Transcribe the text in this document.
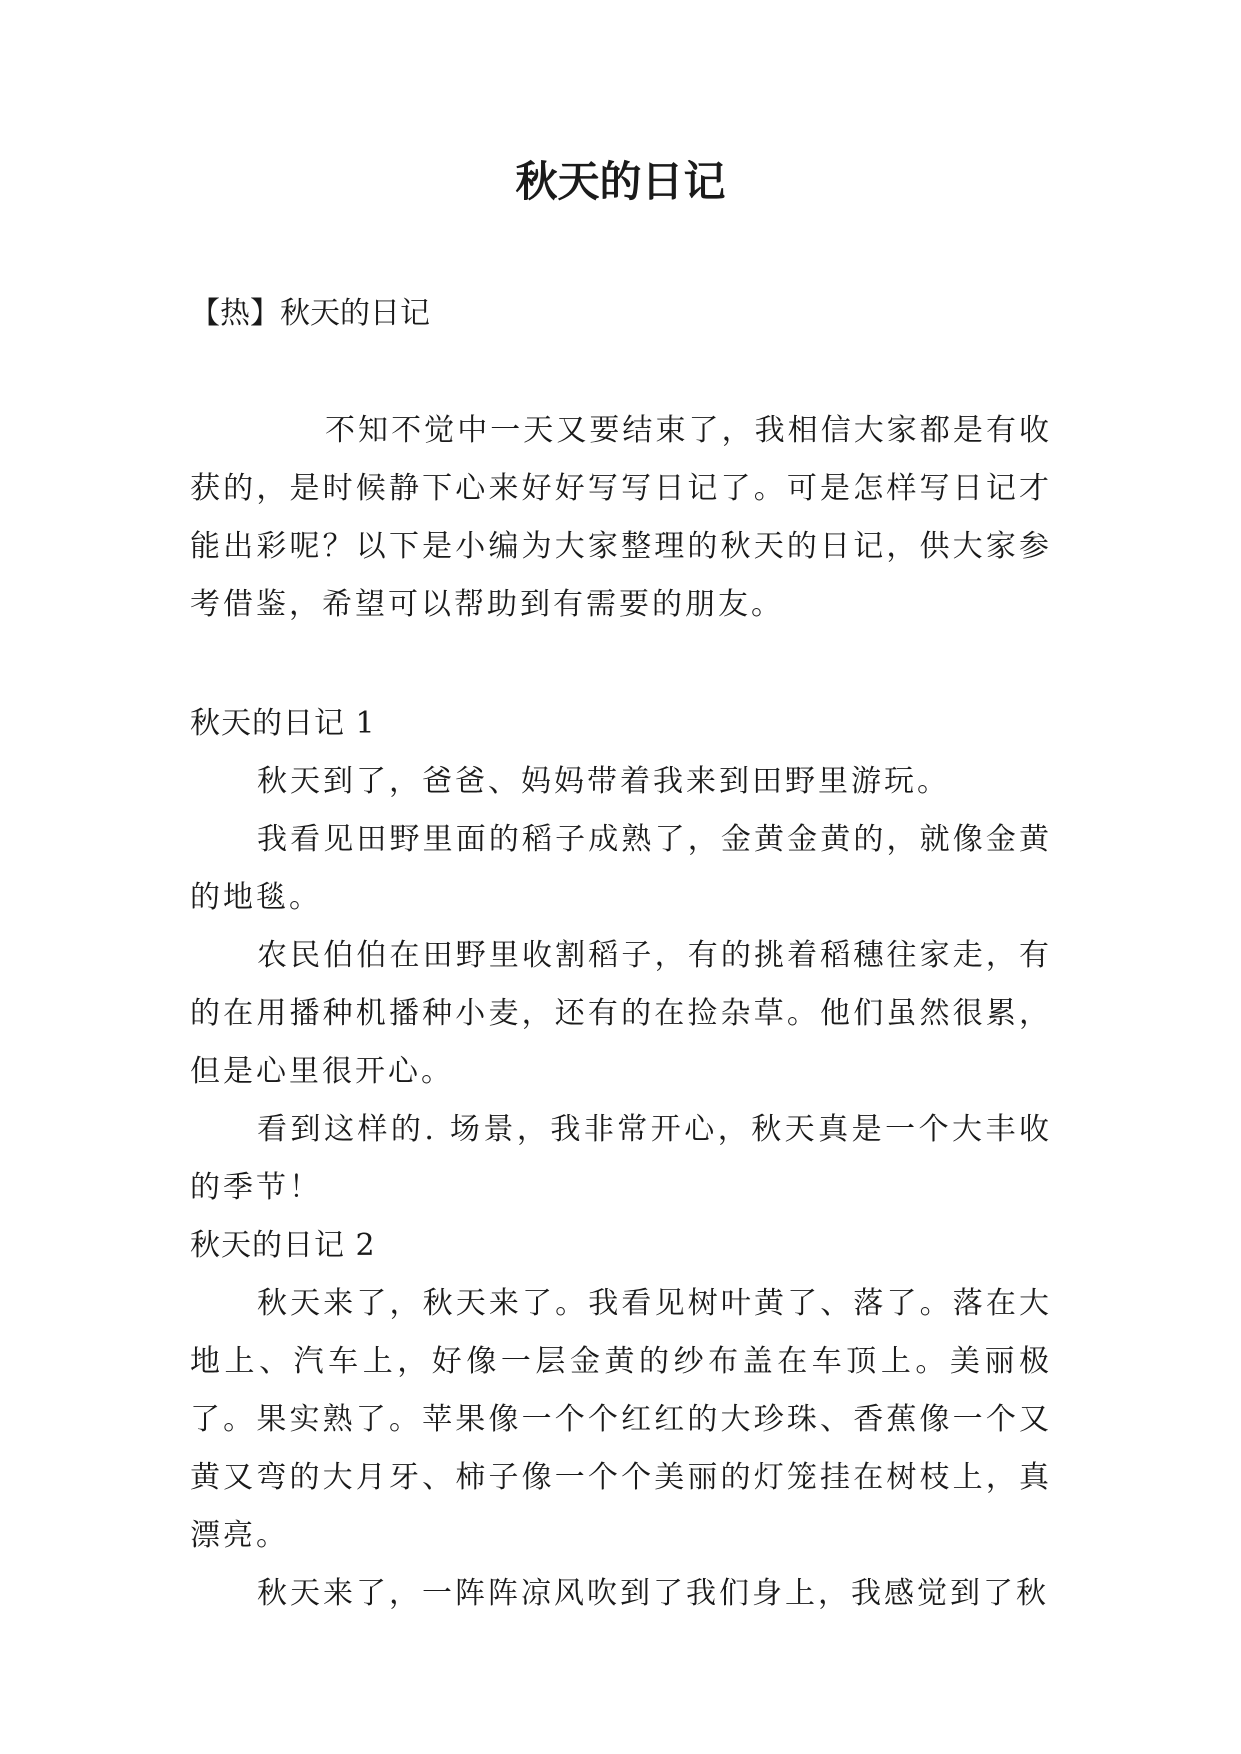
秋天的日记

【热】秋天的日记

不知不觉中一天又要结束了，我相信大家都是有收获的，是时候静下心来好好写写日记了。可是怎样写日记才能出彩呢？以下是小编为大家整理的秋天的日记，供大家参考借鉴，希望可以帮助到有需要的朋友。

秋天的日记 1

秋天到了，爸爸、妈妈带着我来到田野里游玩。

我看见田野里面的稻子成熟了，金黄金黄的，就像金黄的地毯。

农民伯伯在田野里收割稻子，有的挑着稻穗往家走，有的在用播种机播种小麦，还有的在捡杂草。他们虽然很累，但是心里很开心。

看到这样的. 场景，我非常开心，秋天真是一个大丰收的季节！

秋天的日记 2

秋天来了，秋天来了。我看见树叶黄了、落了。落在大地上、汽车上，好像一层金黄的纱布盖在车顶上。美丽极了。果实熟了。苹果像一个个红红的大珍珠、香蕉像一个又黄又弯的大月牙、柿子像一个个美丽的灯笼挂在树枝上，真漂亮。

秋天来了，一阵阵凉风吹到了我们身上，我感觉到了秋
